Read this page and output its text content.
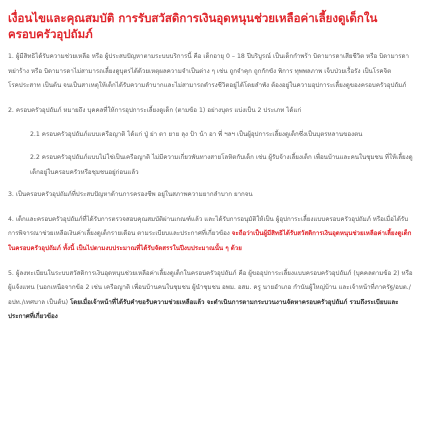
เงื่อนไขและคุณสมบัติ การรับสวัสดิการเงินอุดหนุนช่วยเหลือค่าเลี้ยงดูเด็กในครอบครัวอุปถัมภ์

1. ผู้มีสิทธิได้รับความช่วยเหลือ หรือ ผู้ประสบปัญหาตามระบบบริการนี้ คือ เด็กอายุ 0 – 18 ปีบริบูรณ์ เป็นเด็กกำพร้า บิดามารดาเสียชีวิต หรือ บิดามารดาหย่าร้าง หรือ บิดามารดาไม่สามารถเลี้ยงดูบุตรได้ด้วยเหตุผลความจำเป็นต่าง ๆ เช่น ถูกจำคุก ถูกกักขัง พิการ ทุพพลภาพ เจ็บป่วยเรื้อรัง เป็นโรคจิตโรคประสาท เป็นต้น จนเป็นสาเหตุให้เด็กได้รับความลำบากและไม่สามารถดำรงชีวิตอยู่ได้โดยลำพัง ต้องอยู่ในความอุปการะเลี้ยงดูของครอบครัวอุปถัมภ์

2. ครอบครัวอุปถัมภ์ หมายถึง บุคคลที่ให้การอุปการะเลี้ยงดูเด็ก (ตามข้อ 1) อย่างบุตร แบ่งเป็น 2 ประเภท ได้แก่

2.1 ครอบครัวอุปถัมภ์แบบเครือญาติ ได้แก่ ปู่ ย่า ตา ยาย ลุง ป้า น้า อา พี่ ฯลฯ เป็นผู้อุปการะเลี้ยงดูเด็กซึ่งเป็นบุตรหลานของตน

2.2 ครอบครัวอุปถัมภ์แบบไม่ใช่เป็นเครือญาติ ไม่มีความเกี่ยวพันทางสายโลหิตกับเด็ก เช่น ผู้รับจ้างเลี้ยงเด็ก เพื่อนบ้านและคนในชุมชน ที่ให้เลี้ยงดูเด็กอยู่ในครอบครัวหรือชุมชนอยู่ก่อนแล้ว

3. เป็นครอบครัวอุปถัมภ์ที่ประสบปัญหาด้านการครองชีพ อยู่ในสภาพความยากลำบาก ยากจน

4. เด็กและครอบครัวอุปถัมภ์ที่ได้รับการตรวจสอบคุณสมบัติผ่านเกณฑ์แล้ว และได้รับการอนุมัติให้เป็น ผู้อุปการะเลี้ยงแบบครอบครัวอุปถัมภ์ หรือเมื่อได้รับการพิจารณาช่วยเหลือเงินค่าเลี้ยงดูเด็กรายเดือน ตามระเบียบและประกาศที่เกี่ยวข้อง จะถือว่าเป็นผู้มีสิทธิได้รับสวัสดิการเงินอุดหนุนช่วยเหลือค่าเลี้ยงดูเด็ก ในครอบครัวอุปถัมภ์ ทั้งนี้ เป็นไปตามงบประมาณที่ได้รับจัดสรรในปีงบประมาณนั้น ๆ ด้วย

5. ผู้ลงทะเบียนในระบบสวัสดิการเงินอุดหนุนช่วยเหลือค่าเลี้ยงดูเด็กในครอบครัวอุปถัมภ์ คือ ผู้ขออุปการะเลี้ยงแบบครอบครัวอุปถัมภ์ (บุคคลตามข้อ 2) หรือ ผู้แจ้งแทน (นอกเหนือจากข้อ 2 เช่น เครือญาติ เพื่อนบ้านคนในชุมชน ผู้นำชุมชน อพม. อสม. ครู นายอำเภอ กำนันผู้ใหญ่บ้าน และเจ้าหน้าที่ภาครัฐ/อบต./อปท./เทศบาล เป็นต้น) โดยเมื่อเจ้าหน้าที่ได้รับคำขอรับความช่วยเหลือแล้ว จะดำเนินการตามกระบวนงานจัดหาครอบครัวอุปถัมภ์ รวมถึงระเบียบและประกาศที่เกี่ยวข้อง
